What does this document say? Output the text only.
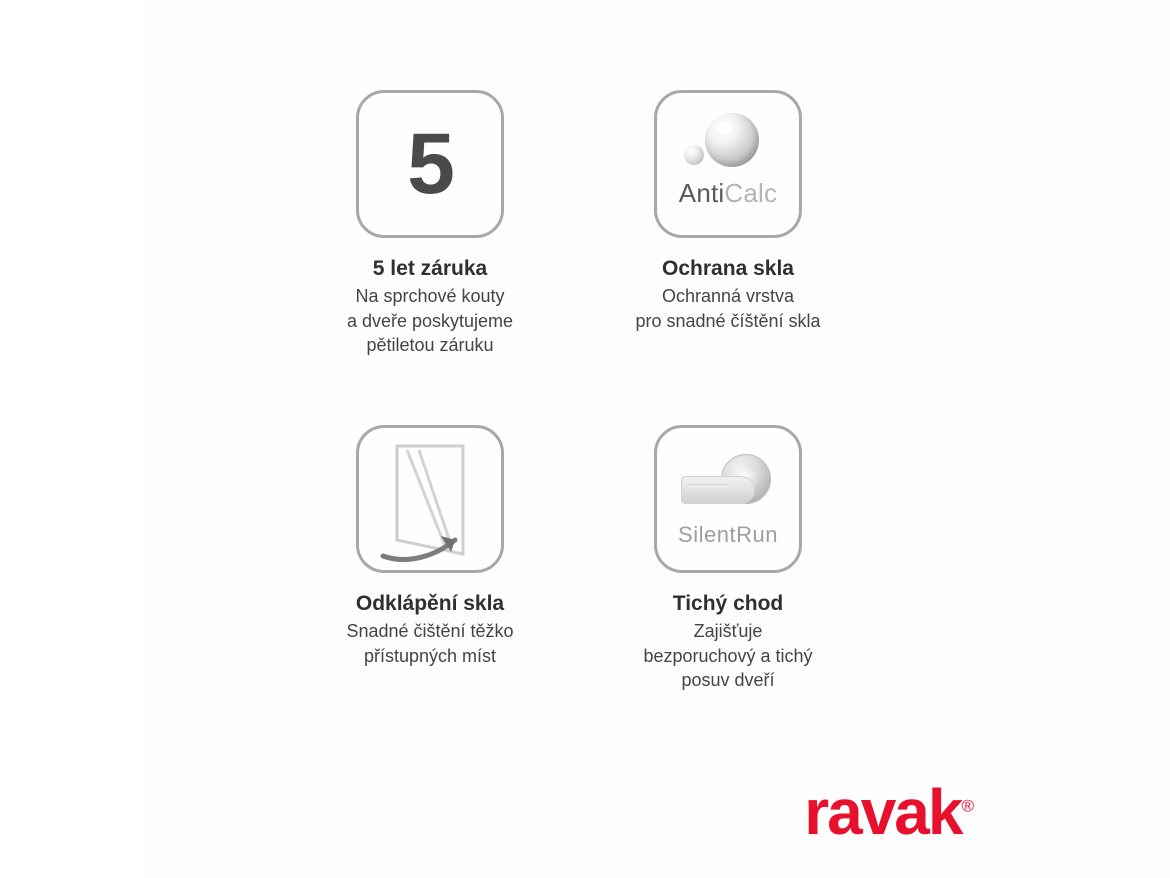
5
5 let záruka
Na sprchové kouty
a dveře poskytujeme
pětiletou záruku
AntiCalc
Ochrana skla
Ochranná vrstva
pro snadné číštění skla
Odklápění skla
Snadné čištění těžko
přístupných míst
SilentRun
Tichý chod
Zajišťuje
bezporuchový a tichý
posuv dveří
ravak®
